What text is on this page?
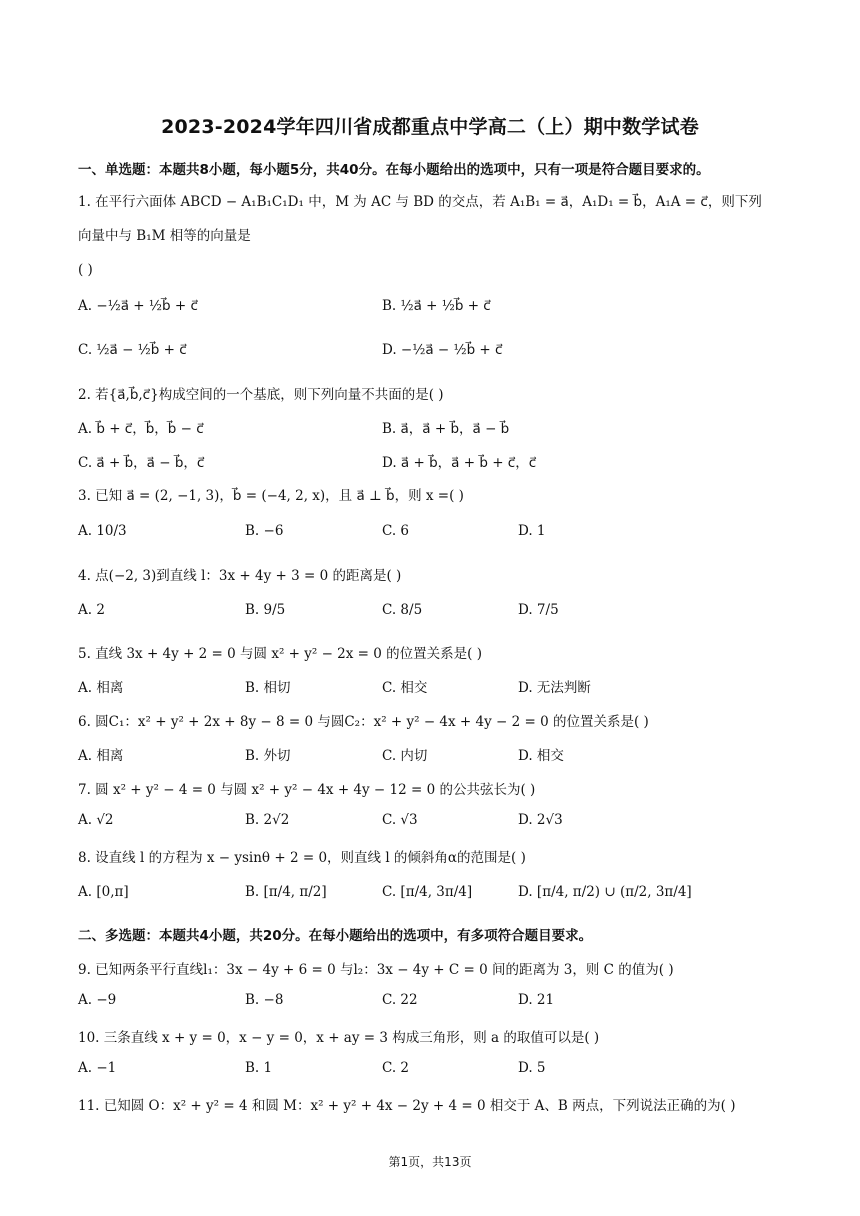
2023-2024学年四川省成都重点中学高二（上）期中数学试卷
一、单选题：本题共8小题，每小题5分，共40分。在每小题给出的选项中，只有一项是符合题目要求的。
1. 在平行六面体 ABCD − A₁B₁C₁D₁ 中，M 为 AC 与 BD 的交点，若 A₁B₁ = a⃗，A₁D₁ = b⃗，A₁A = c⃗，则下列
向量中与 B₁M 相等的向量是
( )
A. −½a⃗ + ½b⃗ + c⃗	B. ½a⃗ + ½b⃗ + c⃗
C. ½a⃗ − ½b⃗ + c⃗	D. −½a⃗ − ½b⃗ + c⃗
2. 若{a⃗,b⃗,c⃗}构成空间的一个基底，则下列向量不共面的是( )
A. b⃗ + c⃗，b⃗，b⃗ − c⃗	B. a⃗，a⃗ + b⃗，a⃗ − b⃗
C. a⃗ + b⃗，a⃗ − b⃗，c⃗	D. a⃗ + b⃗，a⃗ + b⃗ + c⃗，c⃗
3. 已知 a⃗ = (2, −1, 3)，b⃗ = (−4, 2, x)，且 a⃗ ⊥ b⃗，则 x =( )
A. 10/3	B. −6	C. 6	D. 1
4. 点(−2, 3)到直线 l：3x + 4y + 3 = 0 的距离是( )
A. 2	B. 9/5	C. 8/5	D. 7/5
5. 直线 3x + 4y + 2 = 0 与圆 x² + y² − 2x = 0 的位置关系是( )
A. 相离	B. 相切	C. 相交	D. 无法判断
6. 圆C₁：x² + y² + 2x + 8y − 8 = 0 与圆C₂：x² + y² − 4x + 4y − 2 = 0 的位置关系是( )
A. 相离	B. 外切	C. 内切	D. 相交
7. 圆 x² + y² − 4 = 0 与圆 x² + y² − 4x + 4y − 12 = 0 的公共弦长为( )
A. √2	B. 2√2	C. √3	D. 2√3
8. 设直线 l 的方程为 x − ysinθ + 2 = 0，则直线 l 的倾斜角α的范围是( )
A. [0,π]	B. [π/4, π/2]	C. [π/4, 3π/4]	D. [π/4, π/2) ∪ (π/2, 3π/4]
二、多选题：本题共4小题，共20分。在每小题给出的选项中，有多项符合题目要求。
9. 已知两条平行直线l₁：3x − 4y + 6 = 0 与l₂：3x − 4y + C = 0 间的距离为 3，则 C 的值为( )
A. −9	B. −8	C. 22	D. 21
10. 三条直线 x + y = 0，x − y = 0，x + ay = 3 构成三角形，则 a 的取值可以是( )
A. −1	B. 1	C. 2	D. 5
11. 已知圆 O：x² + y² = 4 和圆 M：x² + y² + 4x − 2y + 4 = 0 相交于 A、B 两点，下列说法正确的为( )
第1页，共13页
